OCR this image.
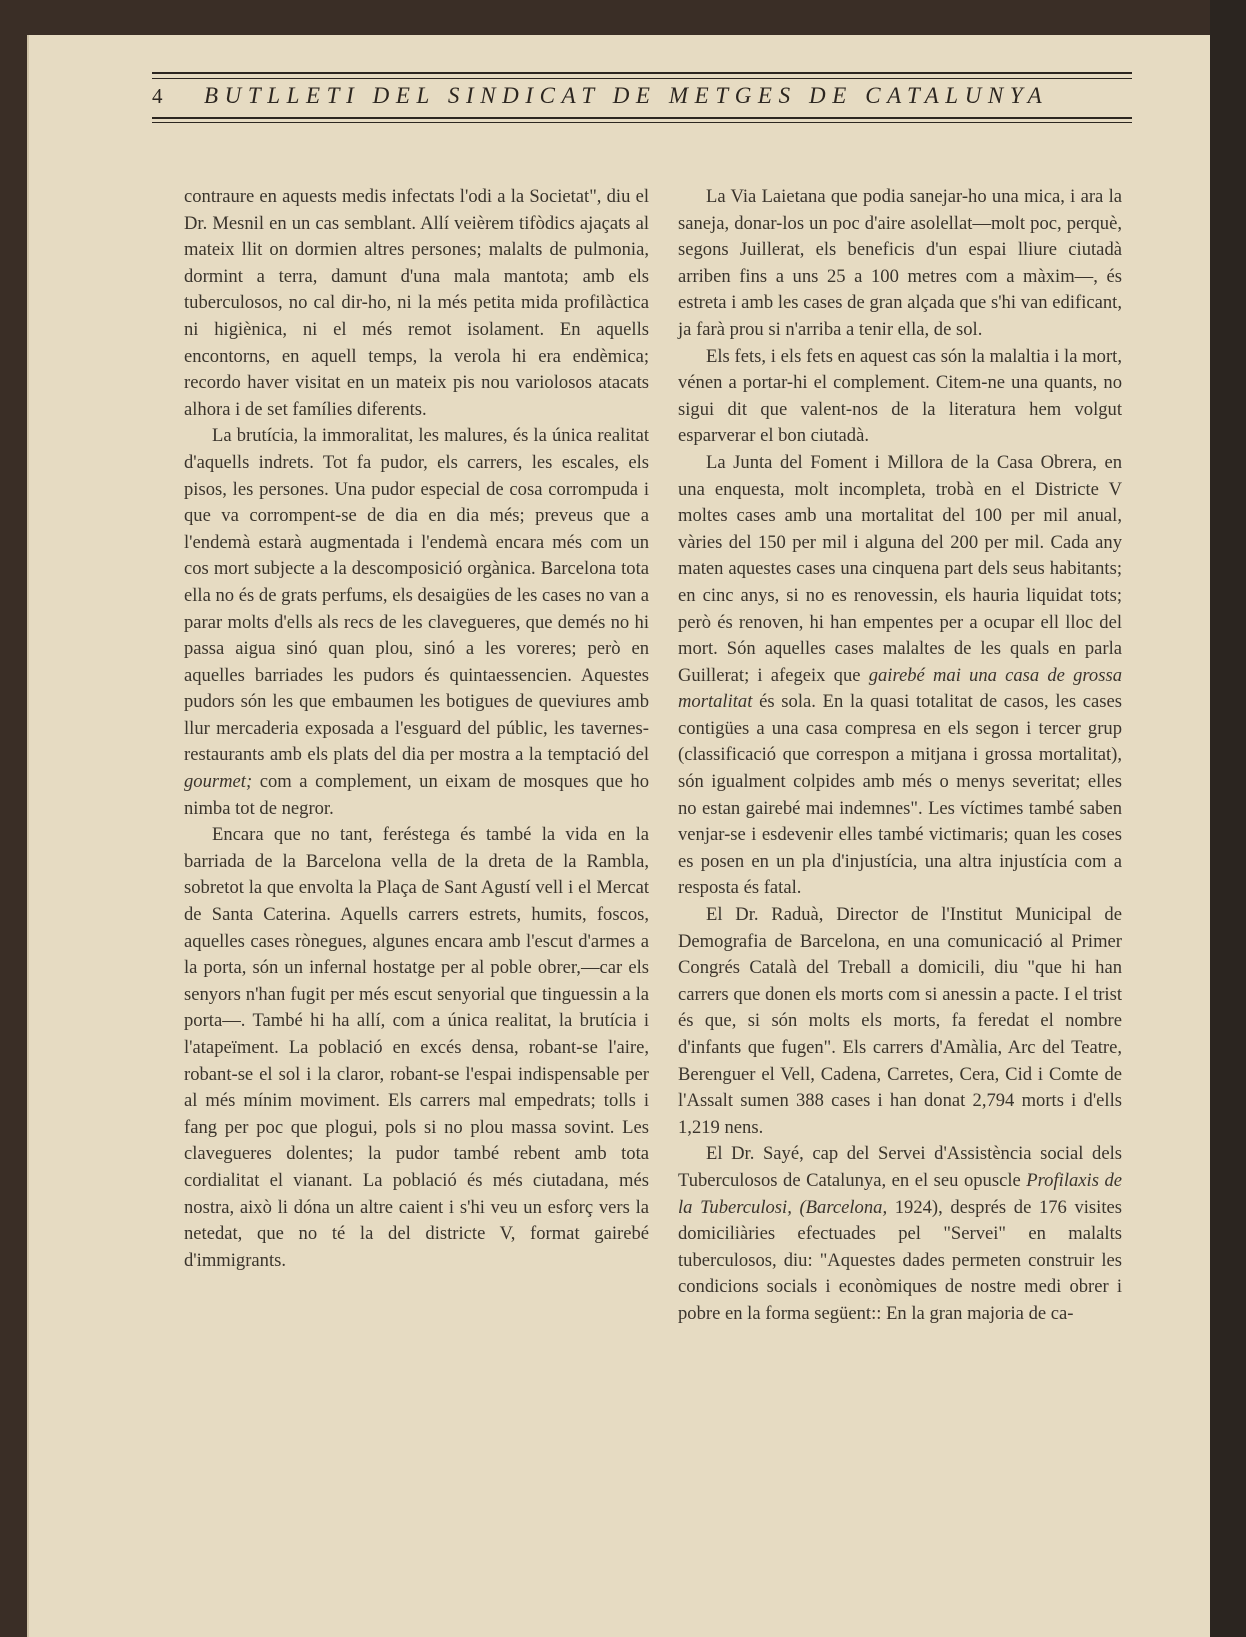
4	BUTLLETI DEL SINDICAT DE METGES DE CATALUNYA

contraure en aquests medis infectats l'odi a la Societat", diu el Dr. Mesnil en un cas semblant. Allí veièrem tifòdics ajaçats al mateix llit on dormien altres persones; malalts de pulmonia, dormint a terra, damunt d'una mala mantota; amb els tuberculosos, no cal dir-ho, ni la més petita mida profilàctica ni higiènica, ni el més remot isolament. En aquells encontorns, en aquell temps, la verola hi era endèmica; recordo haver visitat en un mateix pis nou variolosos atacats alhora i de set famílies diferents.

La brutícia, la immoralitat, les malures, és la única realitat d'aquells indrets. Tot fa pudor, els carrers, les escales, els pisos, les persones. Una pudor especial de cosa corrompuda i que va corrompent-se de dia en dia més; preveus que a l'endemà estarà augmentada i l'endemà encara més com un cos mort subjecte a la descomposició orgànica. Barcelona tota ella no és de grats perfums, els desaigües de les cases no van a parar molts d'ells als recs de les clavegueres, que demés no hi passa aigua sinó quan plou, sinó a les voreres; però en aquelles barriades les pudors és quintaessencien. Aquestes pudors són les que embaumen les botigues de queviures amb llur mercaderia exposada a l'esguard del públic, les tavernes-restaurants amb els plats del dia per mostra a la temptació del gourmet; com a complement, un eixam de mosques que ho nimba tot de negror.

Encara que no tant, feréstega és també la vida en la barriada de la Barcelona vella de la dreta de la Rambla, sobretot la que envolta la Plaça de Sant Agustí vell i el Mercat de Santa Caterina. Aquells carrers estrets, humits, foscos, aquelles cases rònegues, algunes encara amb l'escut d'armes a la porta, són un infernal hostatge per al poble obrer,—car els senyors n'han fugit per més escut senyorial que tinguessin a la porta—. També hi ha allí, com a única realitat, la brutícia i l'atapeïment. La població en excés densa, robant-se l'aire, robant-se el sol i la claror, robant-se l'espai indispensable per al més mínim moviment. Els carrers mal empedrats; tolls i fang per poc que plogui, pols si no plou massa sovint. Les clavegueres dolentes; la pudor també rebent amb tota cordialitat el vianant. La població és més ciutadana, més nostra, això li dóna un altre caient i s'hi veu un esforç vers la netedat, que no té la del districte V, format gairebé d'immigrants.

La Via Laietana que podia sanejar-ho una mica, i ara la saneja, donar-los un poc d'aire asolellat—molt poc, perquè, segons Juillerat, els beneficis d'un espai lliure ciutadà arriben fins a uns 25 a 100 metres com a màxim—, és estreta i amb les cases de gran alçada que s'hi van edificant, ja farà prou si n'arriba a tenir ella, de sol.

Els fets, i els fets en aquest cas són la malaltia i la mort, vénen a portar-hi el complement. Citem-ne una quants, no sigui dit que valent-nos de la literatura hem volgut esparverar el bon ciutadà.

La Junta del Foment i Millora de la Casa Obrera, en una enquesta, molt incompleta, trobà en el Districte V moltes cases amb una mortalitat del 100 per mil anual, vàries del 150 per mil i alguna del 200 per mil. Cada any maten aquestes cases una cinquena part dels seus habitants; en cinc anys, si no es renovessin, els hauria liquidat tots; però és renoven, hi han empentes per a ocupar ell lloc del mort. Són aquelles cases malaltes de les quals en parla Guillerat; i afegeix que gairebé mai una casa de grossa mortalitat és sola. En la quasi totalitat de casos, les cases contigües a una casa compresa en els segon i tercer grup (classificació que correspon a mitjana i grossa mortalitat), són igualment colpides amb més o menys severitat; elles no estan gairebé mai indemnes". Les víctimes també saben venjar-se i esdevenir elles també victimaris; quan les coses es posen en un pla d'injustícia, una altra injustícia com a resposta és fatal.

El Dr. Raduà, Director de l'Institut Municipal de Demografia de Barcelona, en una comunicació al Primer Congrés Català del Treball a domicili, diu "que hi han carrers que donen els morts com si anessin a pacte. I el trist és que, si són molts els morts, fa feredat el nombre d'infants que fugen". Els carrers d'Amàlia, Arc del Teatre, Berenguer el Vell, Cadena, Carretes, Cera, Cid i Comte de l'Assalt sumen 388 cases i han donat 2,794 morts i d'ells 1,219 nens.

El Dr. Sayé, cap del Servei d'Assistència social dels Tuberculosos de Catalunya, en el seu opuscle Profilaxis de la Tuberculosi, (Barcelona, 1924), després de 176 visites domiciliàries efectuades pel "Servei" en malalts tuberculosos, diu: "Aquestes dades permeten construir les condicions socials i econòmiques de nostre medi obrer i pobre en la forma següent:: En la gran majoria de ca-
